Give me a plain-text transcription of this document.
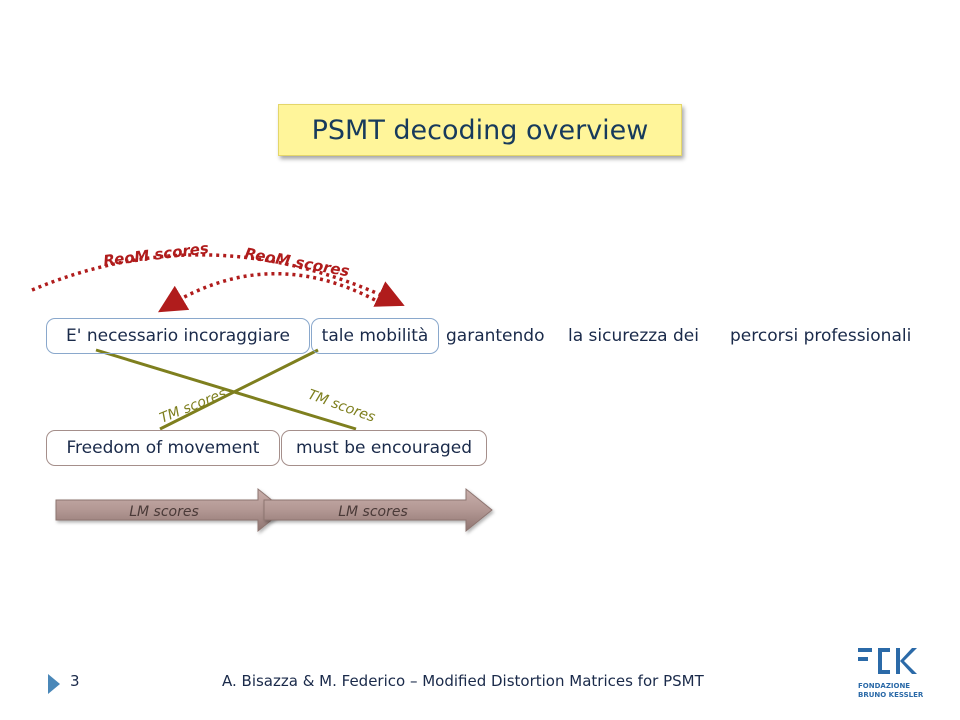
PSMT decoding overview
ReoM scores ReoM scores
TM scores	TM scores
LM scores	LM scores
FONDAZIONE
BRUNO KESSLER
E' necessario incoraggiare tale mobilità garantendo la sicurezza dei percorsi professionali
Freedom of movement must be encouraged
3	A. Bisazza & M. Federico – Modified Distortion Matrices for PSMT
